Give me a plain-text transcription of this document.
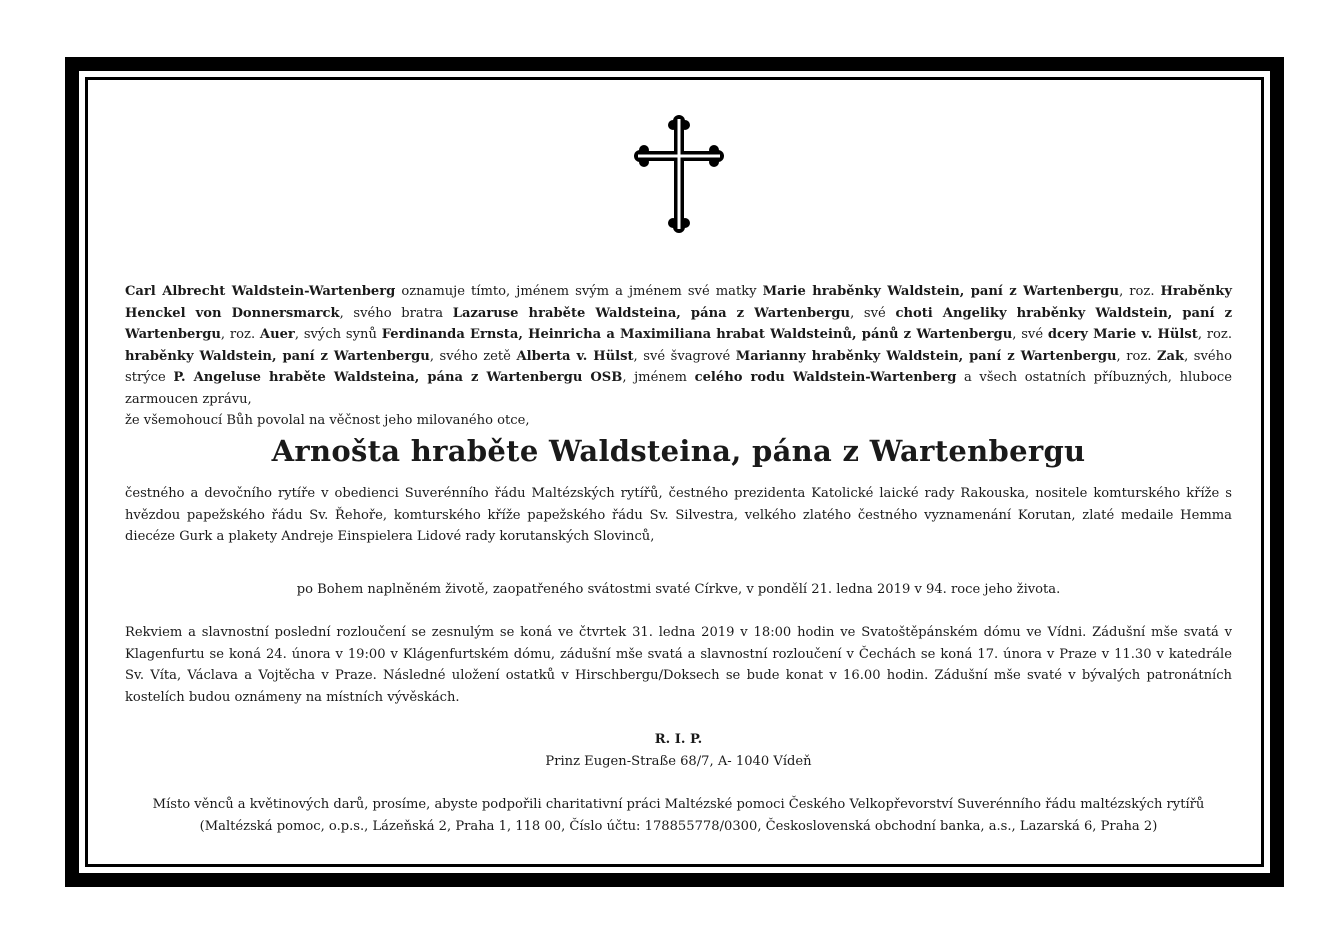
Carl Albrecht Waldstein-Wartenberg oznamuje tímto, jménem svým a jménem své matky Marie hraběnky Waldstein, paní z Wartenbergu, roz. Hraběnky Henckel von Donnersmarck, svého bratra Lazaruse hraběte Waldsteina, pána z Wartenbergu, své choti Angeliky hraběnky Waldstein, paní z Wartenbergu, roz. Auer, svých synů Ferdinanda Ernsta, Heinricha a Maximiliana hrabat Waldsteinů, pánů z Wartenbergu, své dcery Marie v. Hülst, roz. hraběnky Waldstein, paní z Wartenbergu, svého zetě Alberta v. Hülst, své švagrové Marianny hraběnky Waldstein, paní z Wartenbergu, roz. Zak, svého strýce P. Angeluse hraběte Waldsteina, pána z Wartenbergu OSB, jménem celého rodu Waldstein-Wartenberg a všech ostatních příbuzných, hluboce zarmoucen zprávu,
že všemohoucí Bůh povolal na věčnost jeho milovaného otce,
Arnošta hraběte Waldsteina, pána z Wartenbergu
čestného a devočního rytíře v obedienci Suverénního řádu Maltézských rytířů, čestného prezidenta Katolické laické rady Rakouska, nositele komturského kříže s hvězdou papežského řádu Sv. Řehoře, komturského kříže papežského řádu Sv. Silvestra, velkého zlatého čestného vyznamenání Korutan, zlaté medaile Hemma diecéze Gurk a plakety Andreje Einspielera Lidové rady korutanských Slovinců,
po Bohem naplněném životě, zaopatřeného svátostmi svaté Církve, v pondělí 21. ledna 2019 v 94. roce jeho života.
Rekviem a slavnostní poslední rozloučení se zesnulým se koná ve čtvrtek 31. ledna 2019 v 18:00 hodin ve Svatoštěpánském dómu ve Vídni. Zádušní mše svatá v Klagenfurtu se koná 24. února v 19:00 v Klágenfurtském dómu, zádušní mše svatá a slavnostní rozloučení v Čechách se koná 17. února v Praze v 11.30 v katedrále Sv. Víta, Václava a Vojtěcha v Praze. Následné uložení ostatků v Hirschbergu/Doksech se bude konat v 16.00 hodin. Zádušní mše svaté v bývalých patronátních kostelích budou oznámeny na místních vývěskách.
R. I. P.
Prinz Eugen-Straße 68/7, A- 1040 Vídeň
Místo věnců a květinových darů, prosíme, abyste podpořili charitativní práci Maltézské pomoci Českého Velkopřevorství Suverénního řádu maltézských rytířů
(Maltézská pomoc, o.p.s., Lázeňská 2, Praha 1, 118 00, Číslo účtu: 178855778/0300, Československá obchodní banka, a.s., Lazarská 6, Praha 2)
